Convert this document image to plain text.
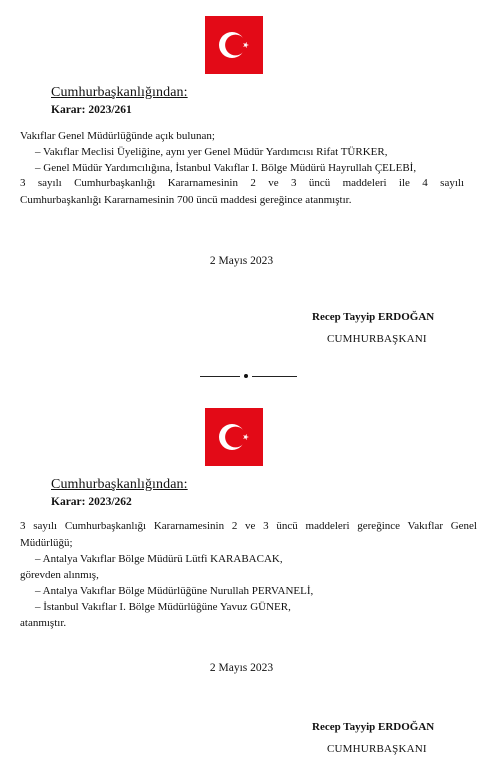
Cumhurbaşkanlığından:
Karar: 2023/261
Vakıflar Genel Müdürlüğünde açık bulunan;
– Vakıflar Meclisi Üyeliğine, aynı yer Genel Müdür Yardımcısı Rifat TÜRKER,
– Genel Müdür Yardımcılığına, İstanbul Vakıflar I. Bölge Müdürü Hayrullah ÇELEBİ,
3 sayılı Cumhurbaşkanlığı Kararnamesinin 2 ve 3 üncü maddeleri ile 4 sayılı
Cumhurbaşkanlığı Kararnamesinin 700 üncü maddesi gereğince atanmıştır.
2 Mayıs 2023
Recep Tayyip ERDOĞAN
CUMHURBAŞKANI
Cumhurbaşkanlığından:
Karar: 2023/262
3 sayılı Cumhurbaşkanlığı Kararnamesinin 2 ve 3 üncü maddeleri gereğince Vakıflar Genel
Müdürlüğü;
– Antalya Vakıflar Bölge Müdürü Lütfi KARABACAK,
görevden alınmış,
– Antalya Vakıflar Bölge Müdürlüğüne Nurullah PERVANELİ,
– İstanbul Vakıflar I. Bölge Müdürlüğüne Yavuz GÜNER,
atanmıştır.
2 Mayıs 2023
Recep Tayyip ERDOĞAN
CUMHURBAŞKANI
